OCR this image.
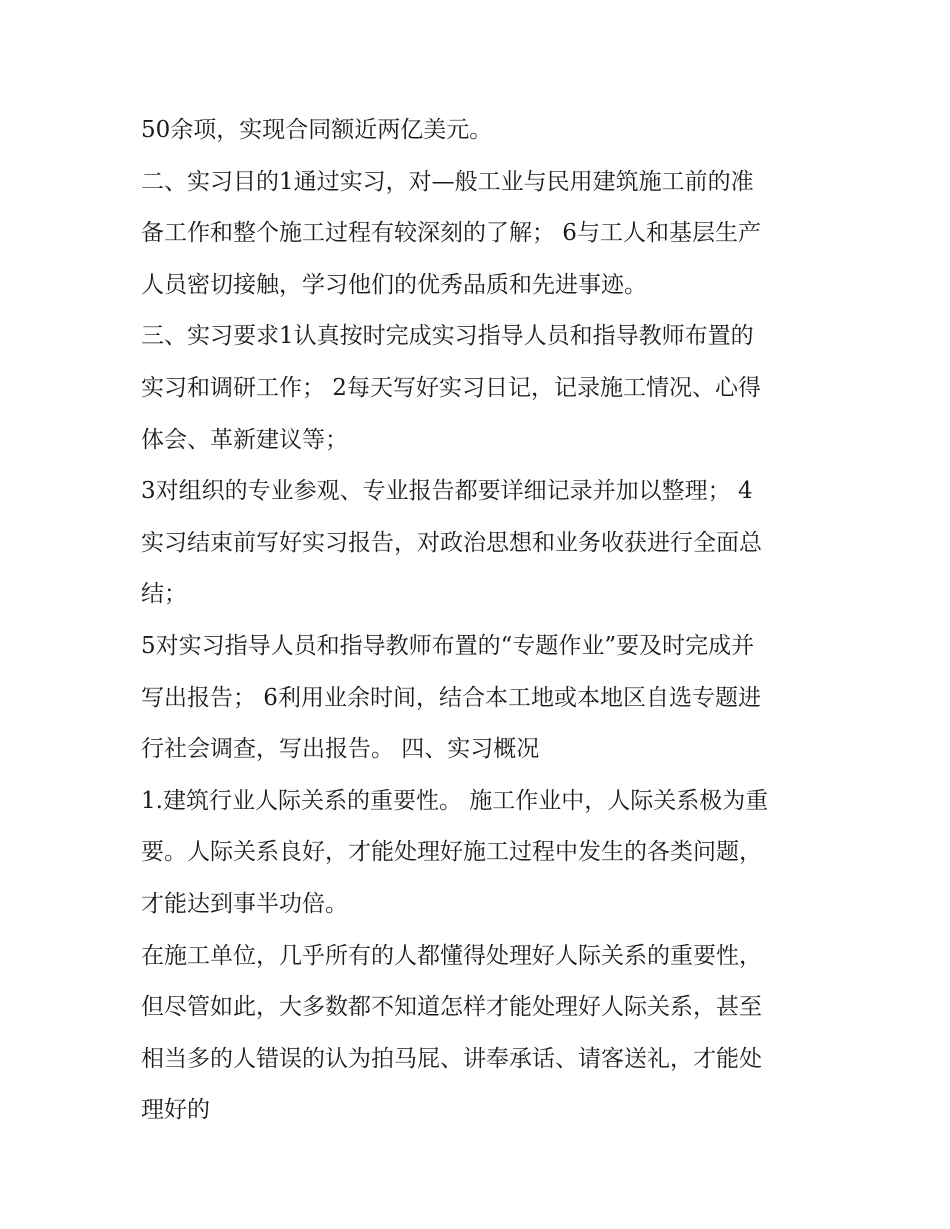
50余项，实现合同额近两亿美元。
二、实习目的1通过实习，对—般工业与民用建筑施工前的准
备工作和整个施工过程有较深刻的了解； 6与工人和基层生产
人员密切接触，学习他们的优秀品质和先进事迹。
三、实习要求1认真按时完成实习指导人员和指导教师布置的
实习和调研工作； 2每天写好实习日记，记录施工情况、心得
体会、革新建议等；
3对组织的专业参观、专业报告都要详细记录并加以整理； 4
实习结束前写好实习报告，对政治思想和业务收获进行全面总
结；
5对实习指导人员和指导教师布置的“专题作业”要及时完成并
写出报告； 6利用业余时间，结合本工地或本地区自选专题进
行社会调查，写出报告。 四、实习概况
1.建筑行业人际关系的重要性。 施工作业中，人际关系极为重
要。人际关系良好，才能处理好施工过程中发生的各类问题，
才能达到事半功倍。
在施工单位，几乎所有的人都懂得处理好人际关系的重要性，
但尽管如此，大多数都不知道怎样才能处理好人际关系，甚至
相当多的人错误的认为拍马屁、讲奉承话、请客送礼，才能处
理好的
